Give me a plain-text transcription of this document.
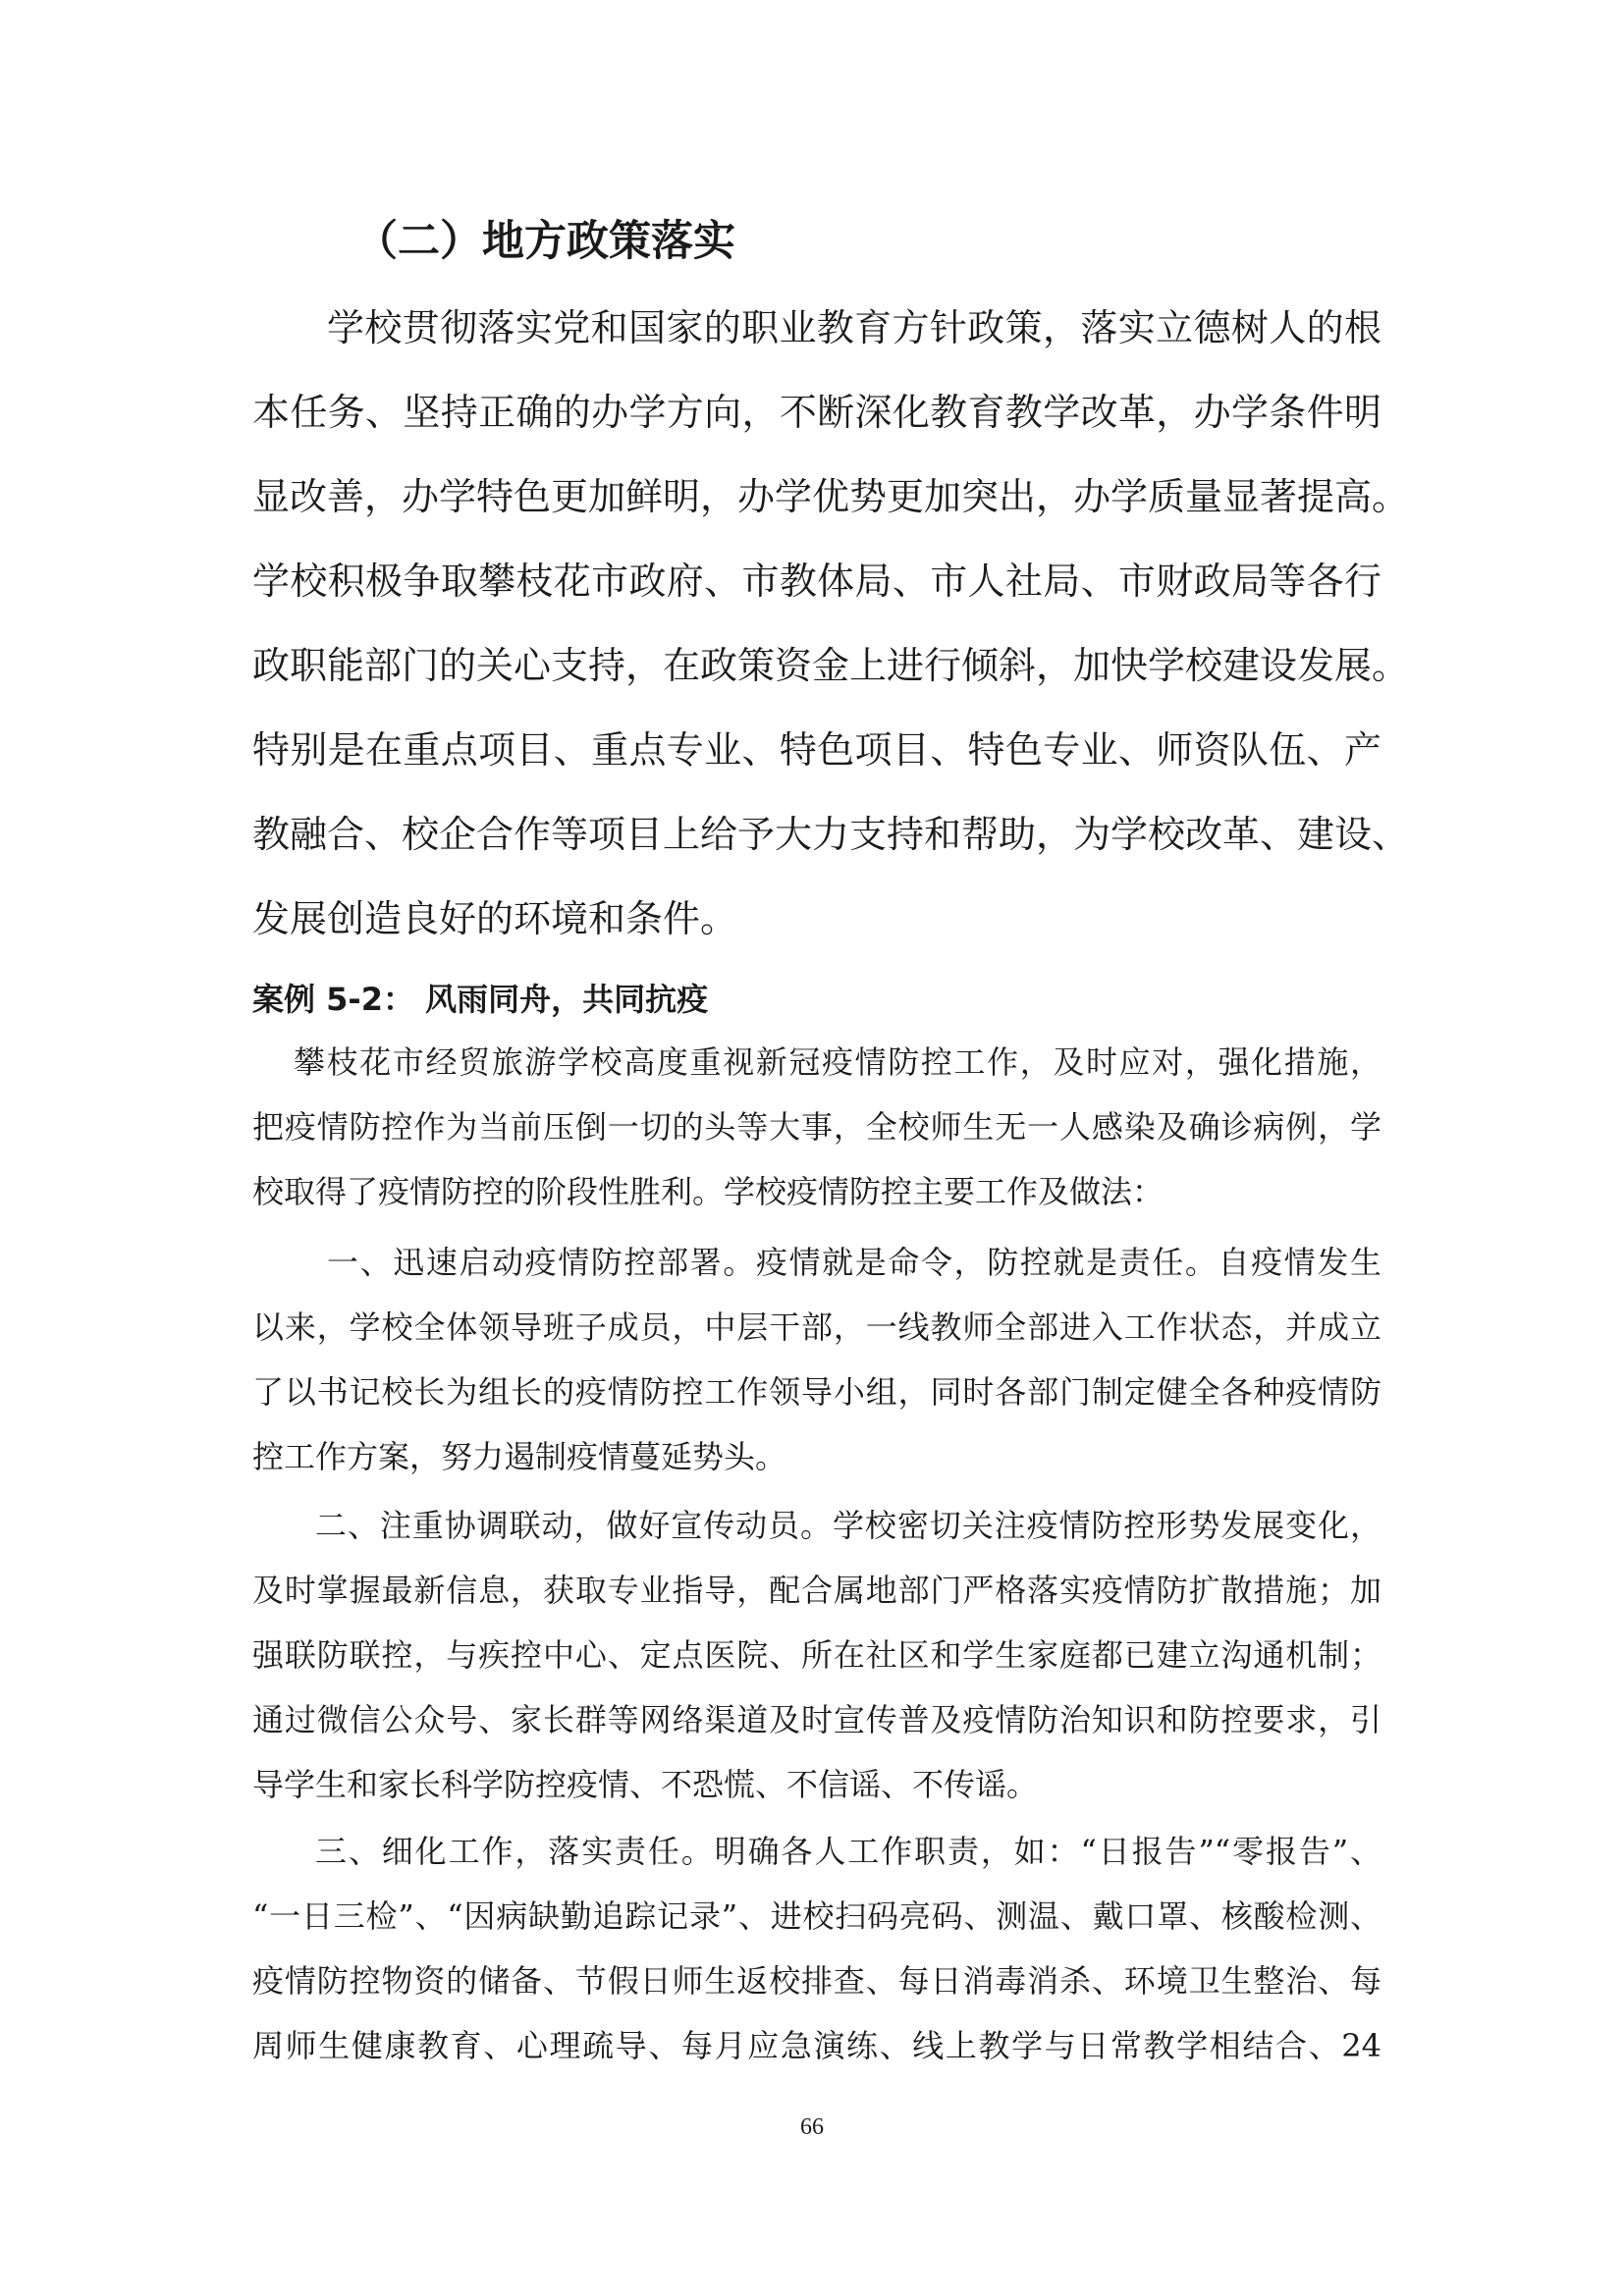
（二）地方政策落实
学校贯彻落实党和国家的职业教育方针政策，落实立德树人的根
本任务、坚持正确的办学方向，不断深化教育教学改革，办学条件明
显改善，办学特色更加鲜明，办学优势更加突出，办学质量显著提高。
学校积极争取攀枝花市政府、市教体局、市人社局、市财政局等各行
政职能部门的关心支持，在政策资金上进行倾斜，加快学校建设发展。
特别是在重点项目、重点专业、特色项目、特色专业、师资队伍、产
教融合、校企合作等项目上给予大力支持和帮助，为学校改革、建设、
发展创造良好的环境和条件。
案例 5-2： 风雨同舟，共同抗疫
攀枝花市经贸旅游学校高度重视新冠疫情防控工作，及时应对，强化措施，
把疫情防控作为当前压倒一切的头等大事，全校师生无一人感染及确诊病例，学
校取得了疫情防控的阶段性胜利。学校疫情防控主要工作及做法：
一、迅速启动疫情防控部署。疫情就是命令，防控就是责任。自疫情发生
以来，学校全体领导班子成员，中层干部，一线教师全部进入工作状态，并成立
了以书记校长为组长的疫情防控工作领导小组，同时各部门制定健全各种疫情防
控工作方案，努力遏制疫情蔓延势头。
二、注重协调联动，做好宣传动员。学校密切关注疫情防控形势发展变化，
及时掌握最新信息，获取专业指导，配合属地部门严格落实疫情防扩散措施；加
强联防联控，与疾控中心、定点医院、所在社区和学生家庭都已建立沟通机制；
通过微信公众号、家长群等网络渠道及时宣传普及疫情防治知识和防控要求，引
导学生和家长科学防控疫情、不恐慌、不信谣、不传谣。
三、细化工作，落实责任。明确各人工作职责，如：“日报告”“零报告”、
“一日三检”、“因病缺勤追踪记录”、进校扫码亮码、测温、戴口罩、核酸检测、
疫情防控物资的储备、节假日师生返校排查、每日消毒消杀、环境卫生整治、每
周师生健康教育、心理疏导、每月应急演练、线上教学与日常教学相结合、24
66
